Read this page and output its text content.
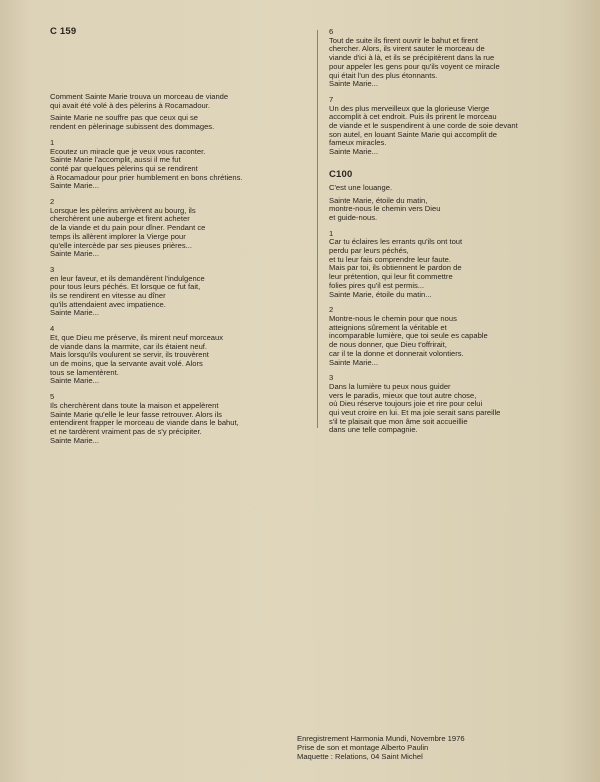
C 159

Comment Sainte Marie trouva un morceau de viande
qui avait été volé à des pèlerins à Rocamadour.

Sainte Marie ne souffre pas que ceux qui se
rendent en pèlerinage subissent des dommages.

1

Ecoutez un miracle que je veux vous raconter.
Sainte Marie l'accomplit, aussi il me fut
conté par quelques pèlerins qui se rendirent
à Rocamadour pour prier humblement en bons chrétiens.
Sainte Marie...

2

Lorsque les pèlerins arrivèrent au bourg, ils
cherchèrent une auberge et firent acheter
de la viande et du pain pour dîner. Pendant ce
temps ils allèrent implorer la Vierge pour
qu'elle intercède par ses pieuses prières...
Sainte Marie...

3

en leur faveur, et ils demandèrent l'indulgence
pour tous leurs péchés. Et lorsque ce fut fait,
ils se rendirent en vitesse au dîner
qu'ils attendaient avec impatience.
Sainte Marie...

4

Et, que Dieu me préserve, ils mirent neuf morceaux
de viande dans la marmite, car ils étaient neuf.
Mais lorsqu'ils voulurent se servir, ils trouvèrent
un de moins, que la servante avait volé. Alors
tous se lamentèrent.
Sainte Marie...

5

Ils cherchèrent dans toute la maison et appelèrent
Sainte Marie qu'elle le leur fasse retrouver. Alors ils
entendirent frapper le morceau de viande dans le bahut,
et ne tardèrent vraiment pas de s'y précipiter.
Sainte Marie...

6

Tout de suite ils firent ouvrir le bahut et firent
chercher. Alors, ils virent sauter le morceau de
viande d'ici à là, et ils se précipitèrent dans la rue
pour appeler les gens pour qu'ils voyent ce miracle
qui était l'un des plus étonnants.
Sainte Marie...

7

Un des plus merveilleux que la glorieuse Vierge
accomplit à cet endroit. Puis ils prirent le morceau
de viande et le suspendirent à une corde de soie devant
son autel, en louant Sainte Marie qui accomplit de
fameux miracles.
Sainte Marie...

C100

C'est une louange.

Sainte Marie, étoile du matin,
montre-nous le chemin vers Dieu
et guide-nous.

1

Car tu éclaires les errants qu'ils ont tout
perdu par leurs péchés,
et tu leur fais comprendre leur faute.
Mais par toi, ils obtiennent le pardon de
leur prétention, qui leur fit commettre
folies pires qu'il est permis...
Sainte Marie, étoile du matin...

2

Montre-nous le chemin pour que nous
atteignions sûrement la véritable et
incomparable lumière, que toi seule es capable
de nous donner, que Dieu t'offrirait,
car il te la donne et donnerait volontiers.
Sainte Marie...

3

Dans la lumière tu peux nous guider
vers le paradis, mieux que tout autre chose,
où Dieu réserve toujours joie et rire pour celui
qui veut croire en lui. Et ma joie serait sans pareille
s'il te plaisait que mon âme soit accueillie
dans une telle compagnie.

Enregistrement Harmonia Mundi, Novembre 1976
Prise de son et montage Alberto Paulin
Maquette : Relations, 04 Saint Michel
